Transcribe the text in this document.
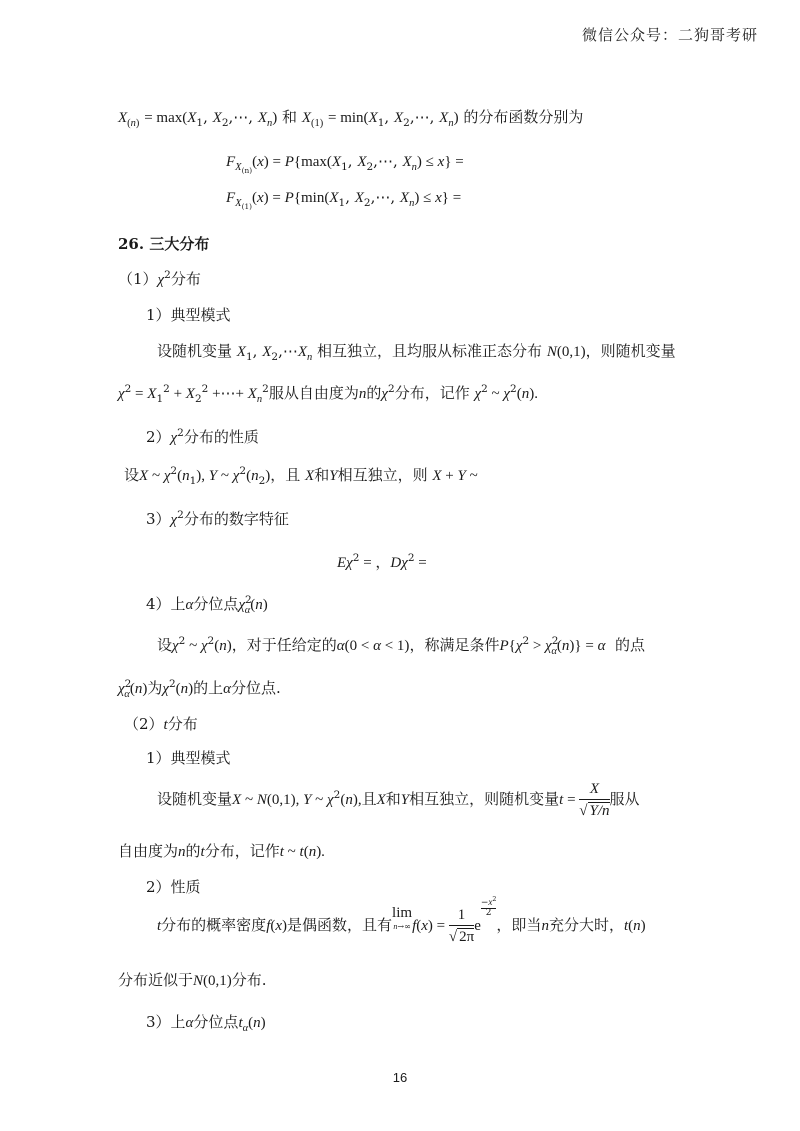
微信公众号：二狗哥考研
$X_{(n)} = \max(X_1$, $X_2,\cdots$, $X_n$) 和 $X_{(1)} = \min(X_1$, $X_2,\cdots$, $X_n$) 的分布函数分别为
$F_{X_{(n)}}(x) = P\{\max(X_1$, $X_2,\cdots$, $X_n) \le x$} =
$F_{X_{(1)}}(x) = P\{\min(X_1$, $X_2,\cdots$, $X_n) \le x$} =
26. 三大分布
$(1)\chi^2$分布
1）典型模式
设随机变量 $X_1$, $X_2,\cdots X_n$ 相互独立，且均服从标准正态分布 N(0,1)，则随机变量
$\chi^2 = X_1^2 + X_2^2$ +⋯+ $X_n^2$服从自由度为n的$\chi^2$分布，记作 $\chi^2$ ~ $\chi^2(n)$.
$2)\chi^2$分布的性质
设X ~ $\chi^2(n_1)$, Y ~ $\chi^2(n_2)$，且 X和Y相互独立，则 X + Y ~
$3)\chi^2$分布的数字特征
$E\chi^2$ = ，$D\chi^2$ =
4）上α分位点$\chi^2_\alpha(n)$
设$\chi^2$ ~ $\chi^2(n)$，对于任给定的α(0 < α < 1)，称满足条件$P\{\chi^2 > \chi^2_\alpha(n)\} = \alpha$ 的点
$\chi^2_\alpha(n)$为$\chi^2(n)$的上α分位点.
（2）t分布
1）典型模式
设随机变量X ~ N(0,1), Y ~ $\chi^2(n)$,且X和Y相互独立，则随机变量$t = \frac{X}{√ Y/n}$ 服从
自由度为n的t分布，记作t ~ t(n).
2）性质
t分布的概率密度f(x)是偶函数，且有lim
n→∞ $f(x) = \frac{1}{√ 2\pi}$ e
$\frac{-x^2}{2}$，即当n充分大时，t(n)
分布近似于N(0,1)分布.
3）上α分位点$t_\alpha(n)$
16
